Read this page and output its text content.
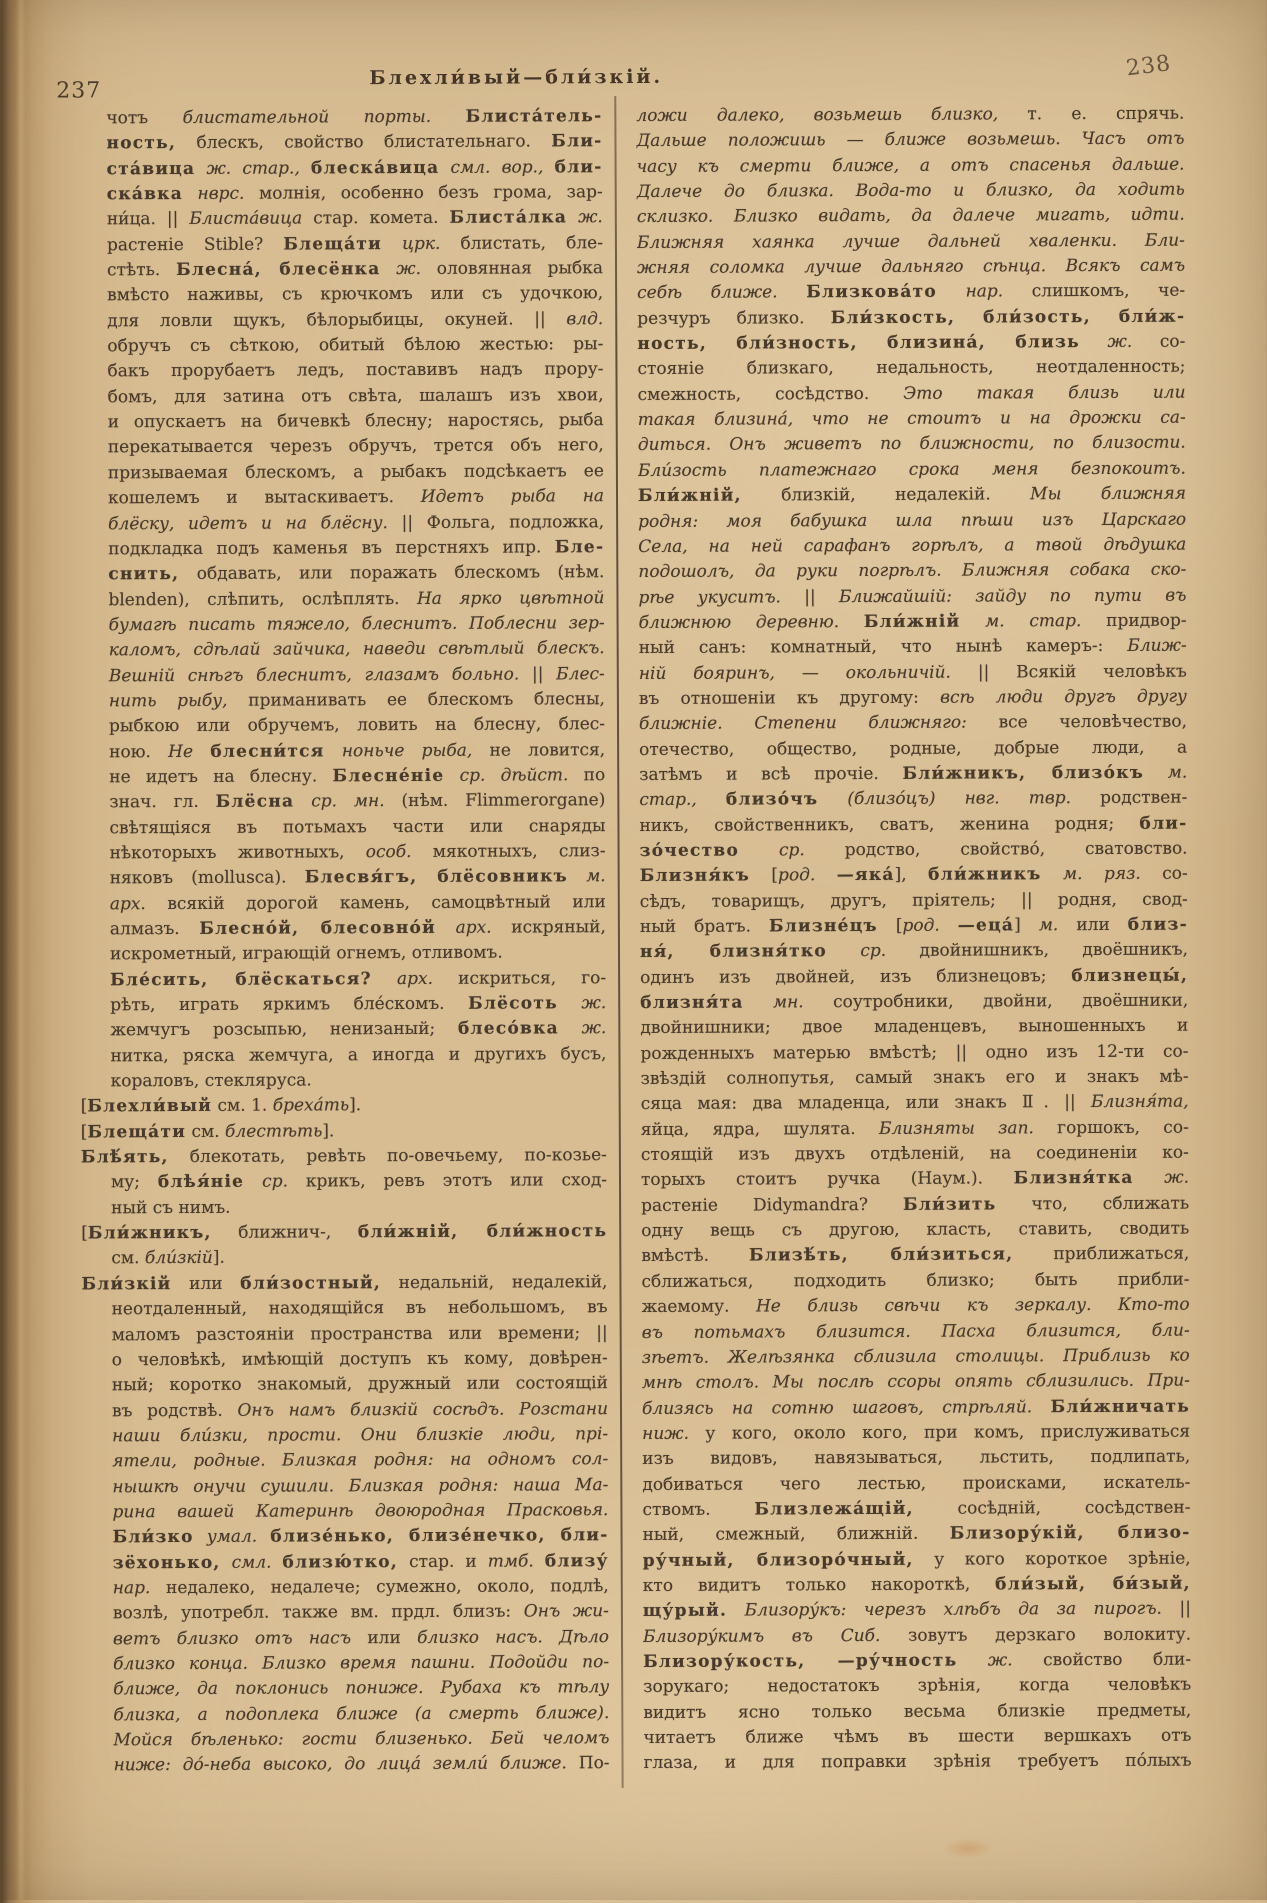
237
238
Блехли́вый—бли́зкій.
чотъ блистательной порты. Блиста́тель-
ность, блескъ, свойство блистательнаго. Бли-
ста́вица ж. стар., блеска́вица смл. вор., бли-
ска́вка нврс. молнія, особенно безъ грома, зар-
ни́ца. || Блиста́вица стар. комета. Блиста́лка ж.
растеніе Stible? Блеща́ти црк. блистать, бле-
стѣть. Блесна́, блесёнка ж. оловянная рыбка
вмѣсто наживы, съ крючкомъ или съ удочкою,
для ловли щукъ, бѣлорыбицы, окуней. || влд.
обручъ съ сѣткою, обитый бѣлою жестью: ры-
бакъ прорубаетъ ледъ, поставивъ надъ прору-
бомъ, для затина отъ свѣта, шалашъ изъ хвои,
и опускаетъ на бичевкѣ блесну; наростясь, рыба
перекатывается черезъ обручъ, трется объ него,
призываемая блескомъ, а рыбакъ подсѣкаетъ ее
кошелемъ и вытаскиваетъ. Идетъ рыба на
блёску, идетъ и на блёсну. || Фольга, подложка,
подкладка подъ каменья въ перстняхъ ипр. Бле-
снить, обдавать, или поражать блескомъ (нѣм.
blenden), слѣпить, ослѣплять. На ярко цвѣтной
бумагѣ писать тяжело, блеснитъ. Поблесни зер-
каломъ, сдѣлай зайчика, наведи свѣтлый блескъ.
Вешній снѣгъ блеснитъ, глазамъ больно. || Блес-
нить рыбу, приманивать ее блескомъ блесны,
рыбкою или обручемъ, ловить на блесну, блес-
ною. Не блесни́тся ноньче рыба, не ловится,
не идетъ на блесну. Блесне́ніе ср. дѣйст. по
знач. гл. Блёсна ср. мн. (нѣм. Flimmerorgane)
свѣтящіяся въ потьмахъ части или снаряды
нѣкоторыхъ животныхъ, особ. мякотныхъ, слиз-
няковъ (mollusca). Блесвя́гъ, блёсовникъ м.
арх. всякій дорогой камень, самоцвѣтный или
алмазъ. Блесно́й, блесовно́й арх. искряный,
искрометный, играющій огнемъ, отливомъ.
Бле́сить, блёскаться? арх. искриться, го-
рѣть, играть яркимъ бле́скомъ. Блёсоть ж.
жемчугъ розсыпью, ненизаный; блесо́вка ж.
нитка, ряска жемчуга, а иногда и другихъ бусъ,
кораловъ, стекляруса.
[Блехли́вый см. 1. бреха́ть].
[Блеща́ти см. блестѣть].
Блѣ́ять, блекотать, ревѣть по-овечьему, по-козье-
му; блѣя́ніе ср. крикъ, ревъ этотъ или сход-
ный съ нимъ.
[Бли́жникъ, ближнич-, бли́жній, бли́жность
см. бли́зкій].
Бли́зкій или бли́зостный, недальній, недалекій,
неотдаленный, находящійся въ небольшомъ, въ
маломъ разстояніи пространства или времени; ||
о человѣкѣ, имѣющій доступъ къ кому, довѣрен-
ный; коротко знакомый, дружный или состоящій
въ родствѣ. Онъ намъ близкій сосѣдъ. Розстани
наши бли́зки, прости. Они близкіе люди, прі-
ятели, родные. Близкая родня: на одномъ сол-
нышкѣ онучи сушили. Близкая родня: наша Ма-
рина вашей Катеринѣ двоюродная Прасковья.
Бли́зко умал. близе́нько, близе́нечко, бли-
зёхонько, смл. близю́тко, стар. и тмб. близу́
нар. недалеко, недалече; сумежно, около, подлѣ,
возлѣ, употребл. также вм. прдл. близъ: Онъ жи-
ветъ близко отъ насъ или близко насъ. Дѣло
близко конца. Близко время пашни. Подойди по-
ближе, да поклонись пониже. Рубаха къ тѣлу
близка, а подоплека ближе (а смерть ближе).
Мойся бѣленько: гости близенько. Бей челомъ
ниже: до́-неба высоко, до лица́ земли́ ближе. По-
ложи далеко, возьмешь близко, т. е. спрячь.
Дальше положишь — ближе возьмешь. Часъ отъ
часу къ смерти ближе, а отъ спасенья дальше.
Далече до близка. Вода-то и близко, да ходить
склизко. Близко видать, да далече мигать, идти.
Ближняя хаянка лучше дальней хваленки. Бли-
жняя соломка лучше дальняго сѣнца. Всякъ самъ
себѣ ближе. Близкова́то нар. слишкомъ, че-
резчуръ близко. Бли́зкость, бли́зость, бли́ж-
ность, бли́зность, близина́, близь ж. со-
стояніе близкаго, недальность, неотдаленность;
смежность, сосѣдство. Это такая близь или
такая близина́, что не стоитъ и на дрожки са-
диться. Онъ живетъ по ближности, по близости.
Бли́зость платежнаго срока меня безпокоитъ.
Бли́жній, близкій, недалекій. Мы ближняя
родня: моя бабушка шла пѣши изъ Царскаго
Села, на ней сарафанъ горѣлъ, а твой дѣдушка
подошолъ, да руки погрѣлъ. Ближняя собака ско-
рѣе укуситъ. || Ближайшій: зайду по пути въ
ближнюю деревню. Бли́жній м. стар. придвор-
ный санъ: комнатный, что нынѣ камеръ-: Ближ-
ній бояринъ, — окольничій. || Всякій человѣкъ
въ отношеніи къ другому: всѣ люди другъ другу
ближніе. Степени ближняго: все человѣчество,
отечество, общество, родные, добрые люди, а
затѣмъ и всѣ прочіе. Бли́жникъ, близо́къ м.
стар., близо́чъ (близо́цъ) нвг. твр. родствен-
никъ, свойственникъ, сватъ, женина родня; бли-
зо́чество ср. родство, свойство́, сватовство.
Близня́къ [род. —яка́], бли́жникъ м. ряз. со-
сѣдъ, товарищъ, другъ, пріятель; || родня, свод-
ный братъ. Близне́цъ [род. —еца́] м. или близ-
ня́, близня́тко ср. двойнишникъ, двоёшникъ,
одинъ изъ двойней, изъ близнецовъ; близнецы́,
близня́та мн. соутробники, двойни, двоёшники,
двойнишники; двое младенцевъ, выношенныхъ и
рожденныхъ матерью вмѣстѣ; || одно изъ 12-ти со-
звѣздій солнопутья, самый знакъ его и знакъ мѣ-
сяца мая: два младенца, или знакъ Ⅱ. || Близня́та,
яйца, ядра, шулята. Близняты зап. горшокъ, со-
стоящій изъ двухъ отдѣленій, на соединеніи ко-
торыхъ стоитъ ручка (Наум.). Близня́тка ж.
растеніе Didymandra? Бли́зить что, сближать
одну вещь съ другою, класть, ставить, сводить
вмѣстѣ. Близѣ́ть, бли́зиться, приближаться,
сближаться, подходить близко; быть прибли-
жаемому. Не близь свѣчи къ зеркалу. Кто-то
въ потьмахъ близится. Пасха близится, бли-
зѣетъ. Желѣзянка сблизила столицы. Приблизь ко
мнѣ столъ. Мы послѣ ссоры опять сблизились. При-
близясь на сотню шаговъ, стрѣляй. Бли́жничать
ниж. у кого, около кого, при комъ, прислуживаться
изъ видовъ, навязываться, льстить, подлипать,
добиваться чего лестью, происками, искатель-
ствомъ. Близлежа́щій, сосѣдній, сосѣдствен-
ный, смежный, ближній. Близору́кій, близо-
ру́чный, близоро́чный, у кого короткое зрѣніе,
кто видитъ только накороткѣ, бли́зый, би́зый,
щу́рый. Близору́къ: черезъ хлѣбъ да за пирогъ. ||
Близору́кимъ въ Сиб. зовутъ дерзкаго волокиту.
Близору́кость, —ру́чность ж. свойство бли-
зорукаго; недостатокъ зрѣнія, когда человѣкъ
видитъ ясно только весьма близкіе предметы,
читаетъ ближе чѣмъ въ шести вершкахъ отъ
глаза, и для поправки зрѣнія требуетъ по́лыхъ
